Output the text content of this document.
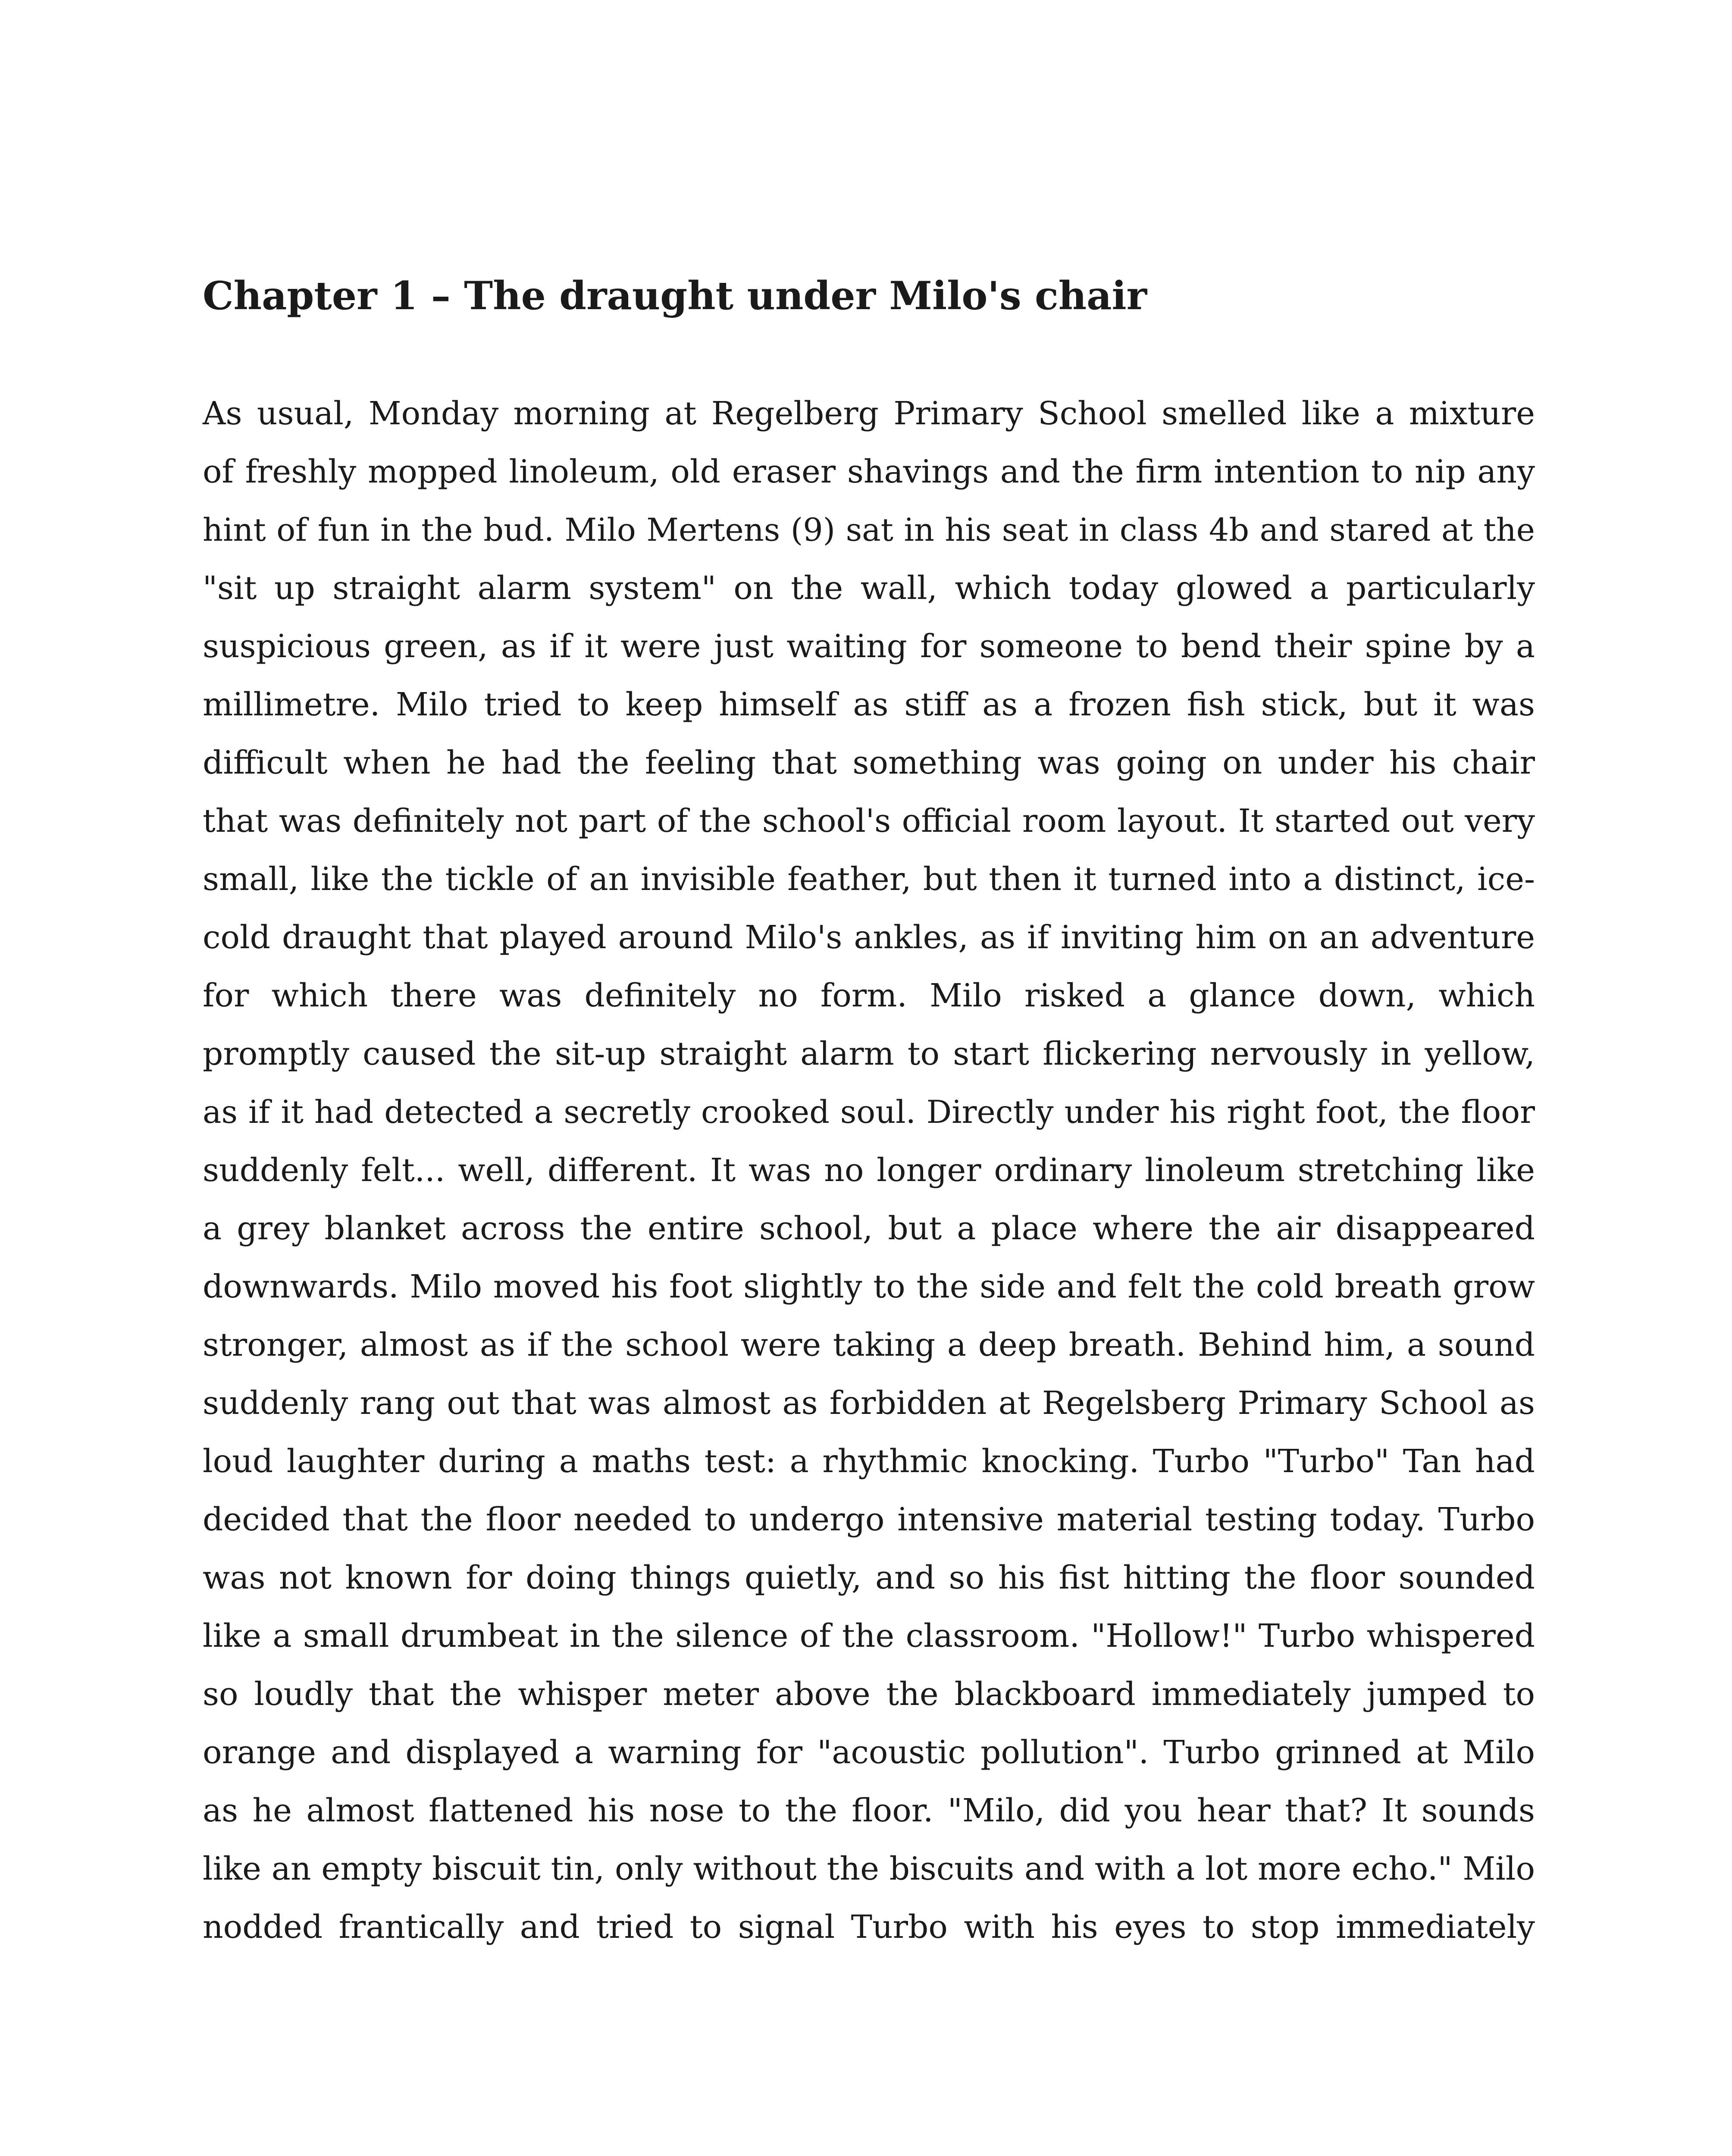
Chapter 1 – The draught under Milo's chair
As usual, Monday morning at Regelberg Primary School smelled like a mixture
of freshly mopped linoleum, old eraser shavings and the firm intention to nip any
hint of fun in the bud. Milo Mertens (9) sat in his seat in class 4b and stared at the
"sit up straight alarm system" on the wall, which today glowed a particularly
suspicious green, as if it were just waiting for someone to bend their spine by a
millimetre. Milo tried to keep himself as stiff as a frozen fish stick, but it was
difficult when he had the feeling that something was going on under his chair
that was definitely not part of the school's official room layout. It started out very
small, like the tickle of an invisible feather, but then it turned into a distinct, ice-
cold draught that played around Milo's ankles, as if inviting him on an adventure
for which there was definitely no form. Milo risked a glance down, which
promptly caused the sit-up straight alarm to start flickering nervously in yellow,
as if it had detected a secretly crooked soul. Directly under his right foot, the floor
suddenly felt... well, different. It was no longer ordinary linoleum stretching like
a grey blanket across the entire school, but a place where the air disappeared
downwards. Milo moved his foot slightly to the side and felt the cold breath grow
stronger, almost as if the school were taking a deep breath. Behind him, a sound
suddenly rang out that was almost as forbidden at Regelsberg Primary School as
loud laughter during a maths test: a rhythmic knocking. Turbo "Turbo" Tan had
decided that the floor needed to undergo intensive material testing today. Turbo
was not known for doing things quietly, and so his fist hitting the floor sounded
like a small drumbeat in the silence of the classroom. "Hollow!" Turbo whispered
so loudly that the whisper meter above the blackboard immediately jumped to
orange and displayed a warning for "acoustic pollution". Turbo grinned at Milo
as he almost flattened his nose to the floor. "Milo, did you hear that? It sounds
like an empty biscuit tin, only without the biscuits and with a lot more echo." Milo
nodded frantically and tried to signal Turbo with his eyes to stop immediately
